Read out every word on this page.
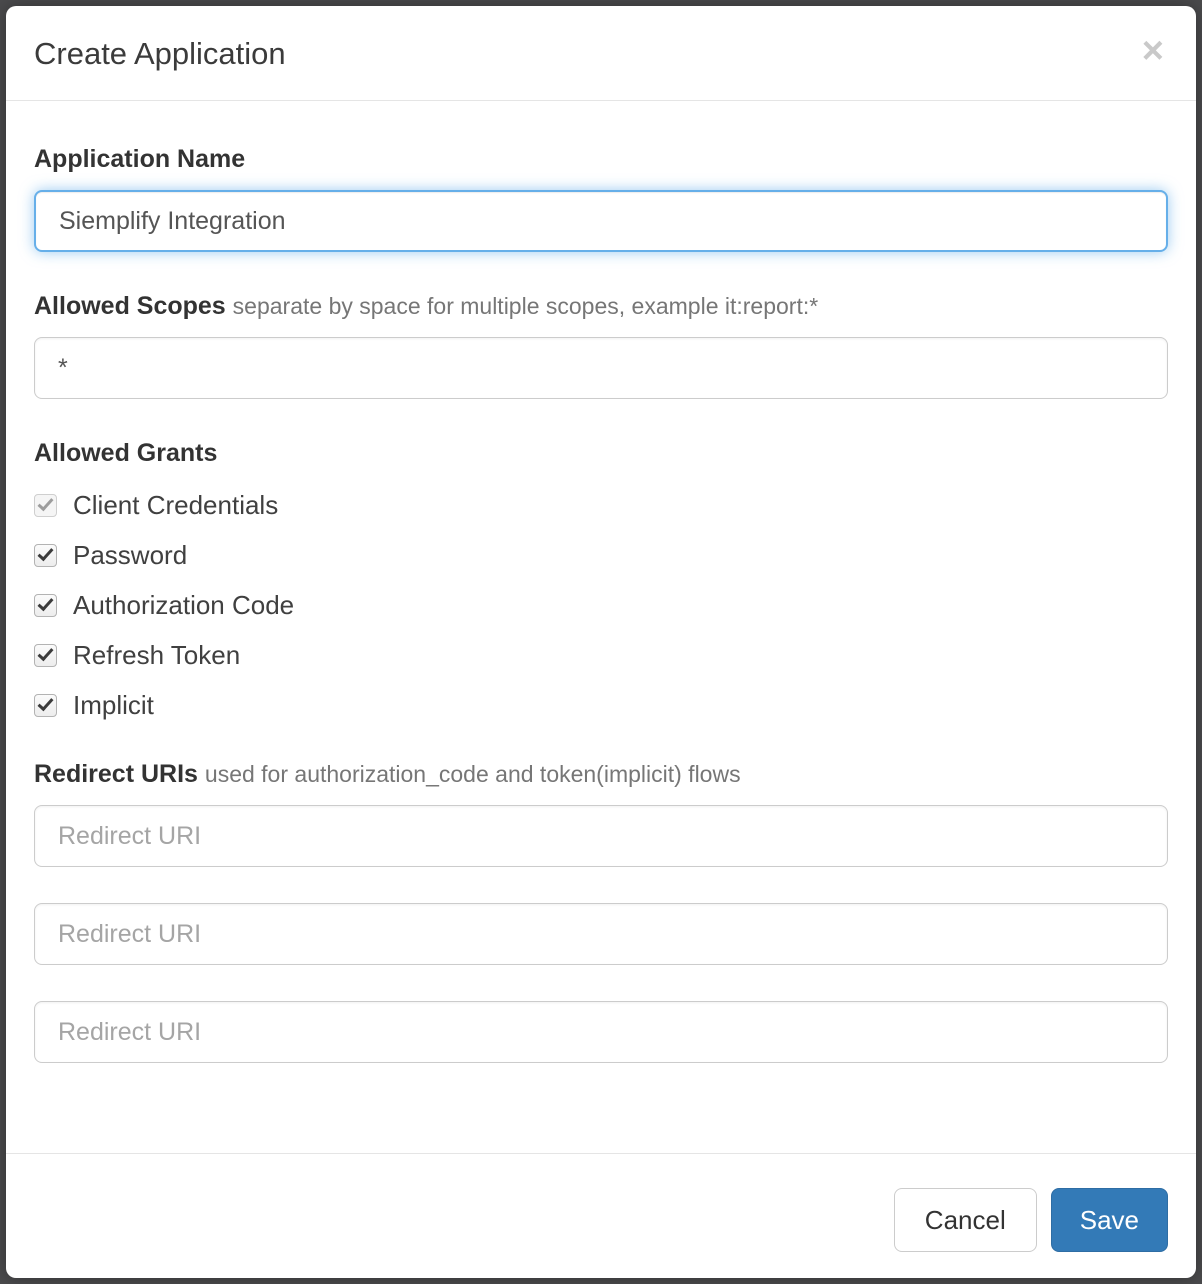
Create Application	×
Application Name
Siemplify Integration
Allowed Scopes separate by space for multiple scopes, example it:report:*
*
Allowed Grants
Client Credentials
Password
Authorization Code
Refresh Token
Implicit
Redirect URIs used for authorization_code and token(implicit) flows
Redirect URI
Redirect URI
Redirect URI
Cancel	Save
